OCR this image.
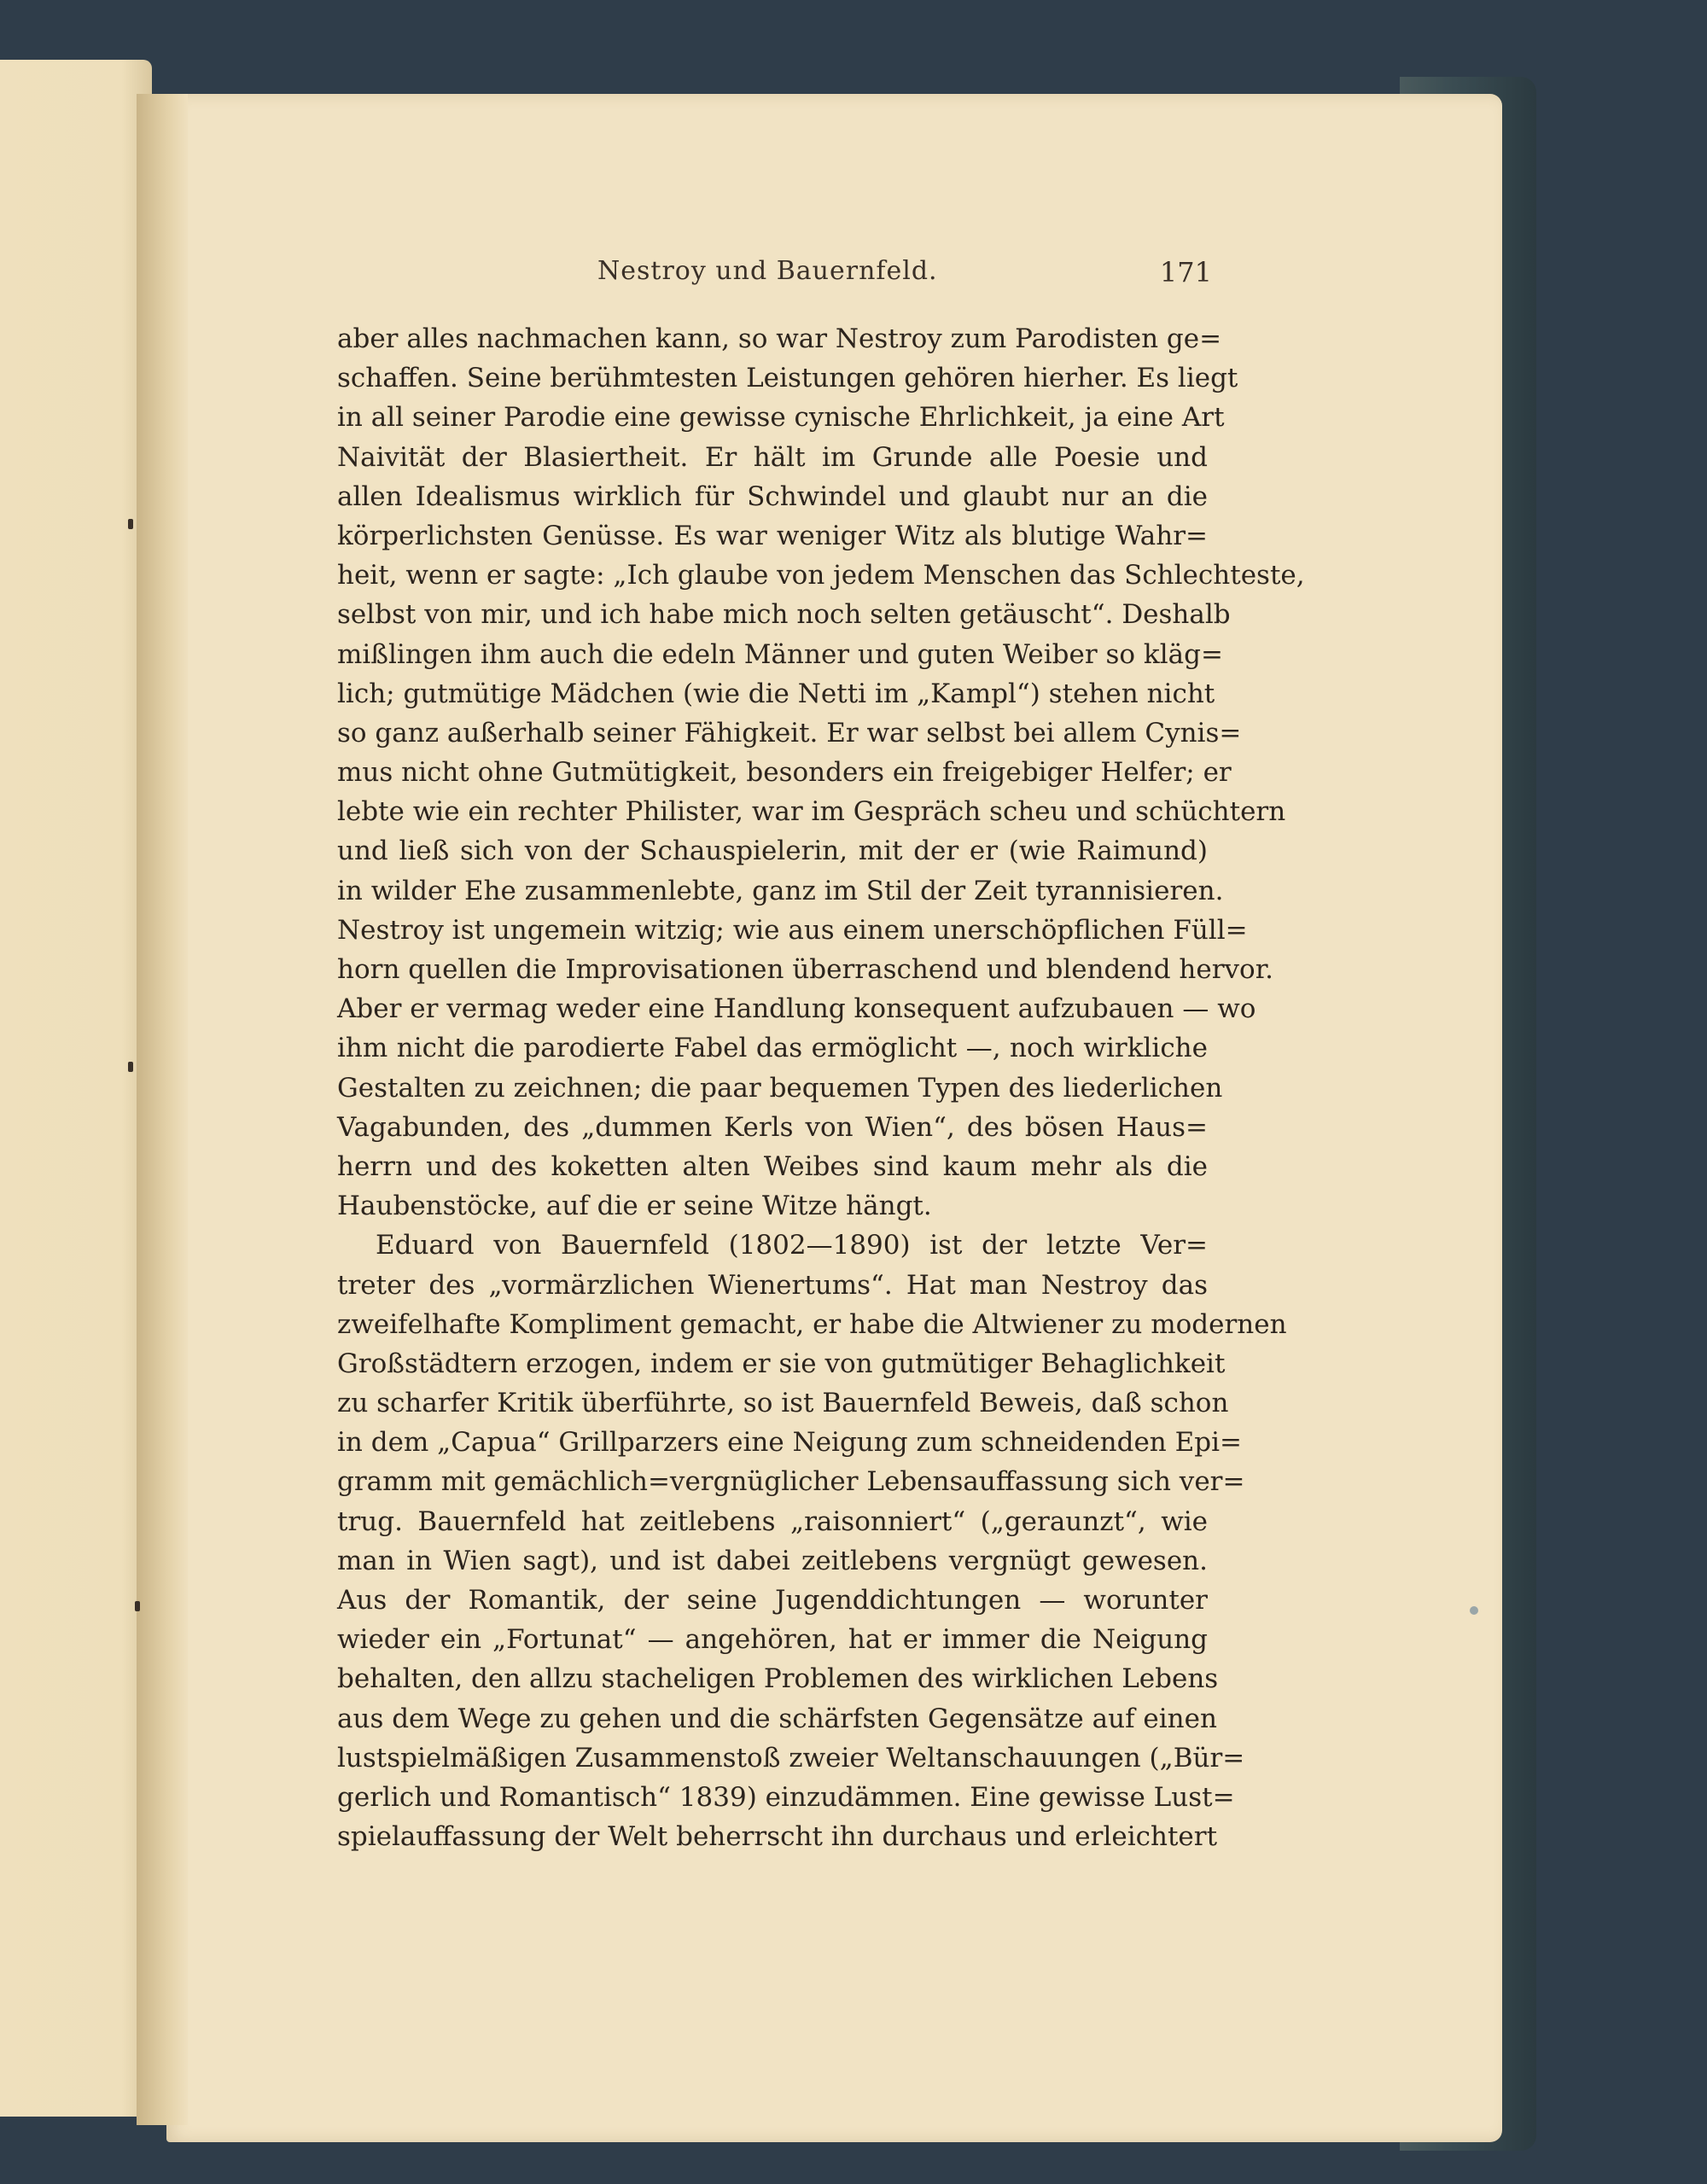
Nestroy und Bauernfeld.	171
aber alles nachmachen kann, so war Nestroy zum Parodisten ge=
schaffen. Seine berühmtesten Leistungen gehören hierher. Es liegt
in all seiner Parodie eine gewisse cynische Ehrlichkeit, ja eine Art
Naivität der Blasiertheit. Er hält im Grunde alle Poesie und
allen Idealismus wirklich für Schwindel und glaubt nur an die
körperlichsten Genüsse. Es war weniger Witz als blutige Wahr=
heit, wenn er sagte: „Ich glaube von jedem Menschen das Schlechteste,
selbst von mir, und ich habe mich noch selten getäuscht“. Deshalb
mißlingen ihm auch die edeln Männer und guten Weiber so kläg=
lich; gutmütige Mädchen (wie die Netti im „Kampl“) stehen nicht
so ganz außerhalb seiner Fähigkeit. Er war selbst bei allem Cynis=
mus nicht ohne Gutmütigkeit, besonders ein freigebiger Helfer; er
lebte wie ein rechter Philister, war im Gespräch scheu und schüchtern
und ließ sich von der Schauspielerin, mit der er (wie Raimund)
in wilder Ehe zusammenlebte, ganz im Stil der Zeit tyrannisieren.
Nestroy ist ungemein witzig; wie aus einem unerschöpflichen Füll=
horn quellen die Improvisationen überraschend und blendend hervor.
Aber er vermag weder eine Handlung konsequent aufzubauen — wo
ihm nicht die parodierte Fabel das ermöglicht —, noch wirkliche
Gestalten zu zeichnen; die paar bequemen Typen des liederlichen
Vagabunden, des „dummen Kerls von Wien“, des bösen Haus=
herrn und des koketten alten Weibes sind kaum mehr als die
Haubenstöcke, auf die er seine Witze hängt.
Eduard von Bauernfeld (1802—1890) ist der letzte Ver=
treter des „vormärzlichen Wienertums“. Hat man Nestroy das
zweifelhafte Kompliment gemacht, er habe die Altwiener zu modernen
Großstädtern erzogen, indem er sie von gutmütiger Behaglichkeit
zu scharfer Kritik überführte, so ist Bauernfeld Beweis, daß schon
in dem „Capua“ Grillparzers eine Neigung zum schneidenden Epi=
gramm mit gemächlich=vergnüglicher Lebensauffassung sich ver=
trug. Bauernfeld hat zeitlebens „raisonniert“ („geraunzt“, wie
man in Wien sagt), und ist dabei zeitlebens vergnügt gewesen.
Aus der Romantik, der seine Jugenddichtungen — worunter
wieder ein „Fortunat“ — angehören, hat er immer die Neigung
behalten, den allzu stacheligen Problemen des wirklichen Lebens
aus dem Wege zu gehen und die schärfsten Gegensätze auf einen
lustspielmäßigen Zusammenstoß zweier Weltanschauungen („Bür=
gerlich und Romantisch“ 1839) einzudämmen. Eine gewisse Lust=
spielauffassung der Welt beherrscht ihn durchaus und erleichtert
